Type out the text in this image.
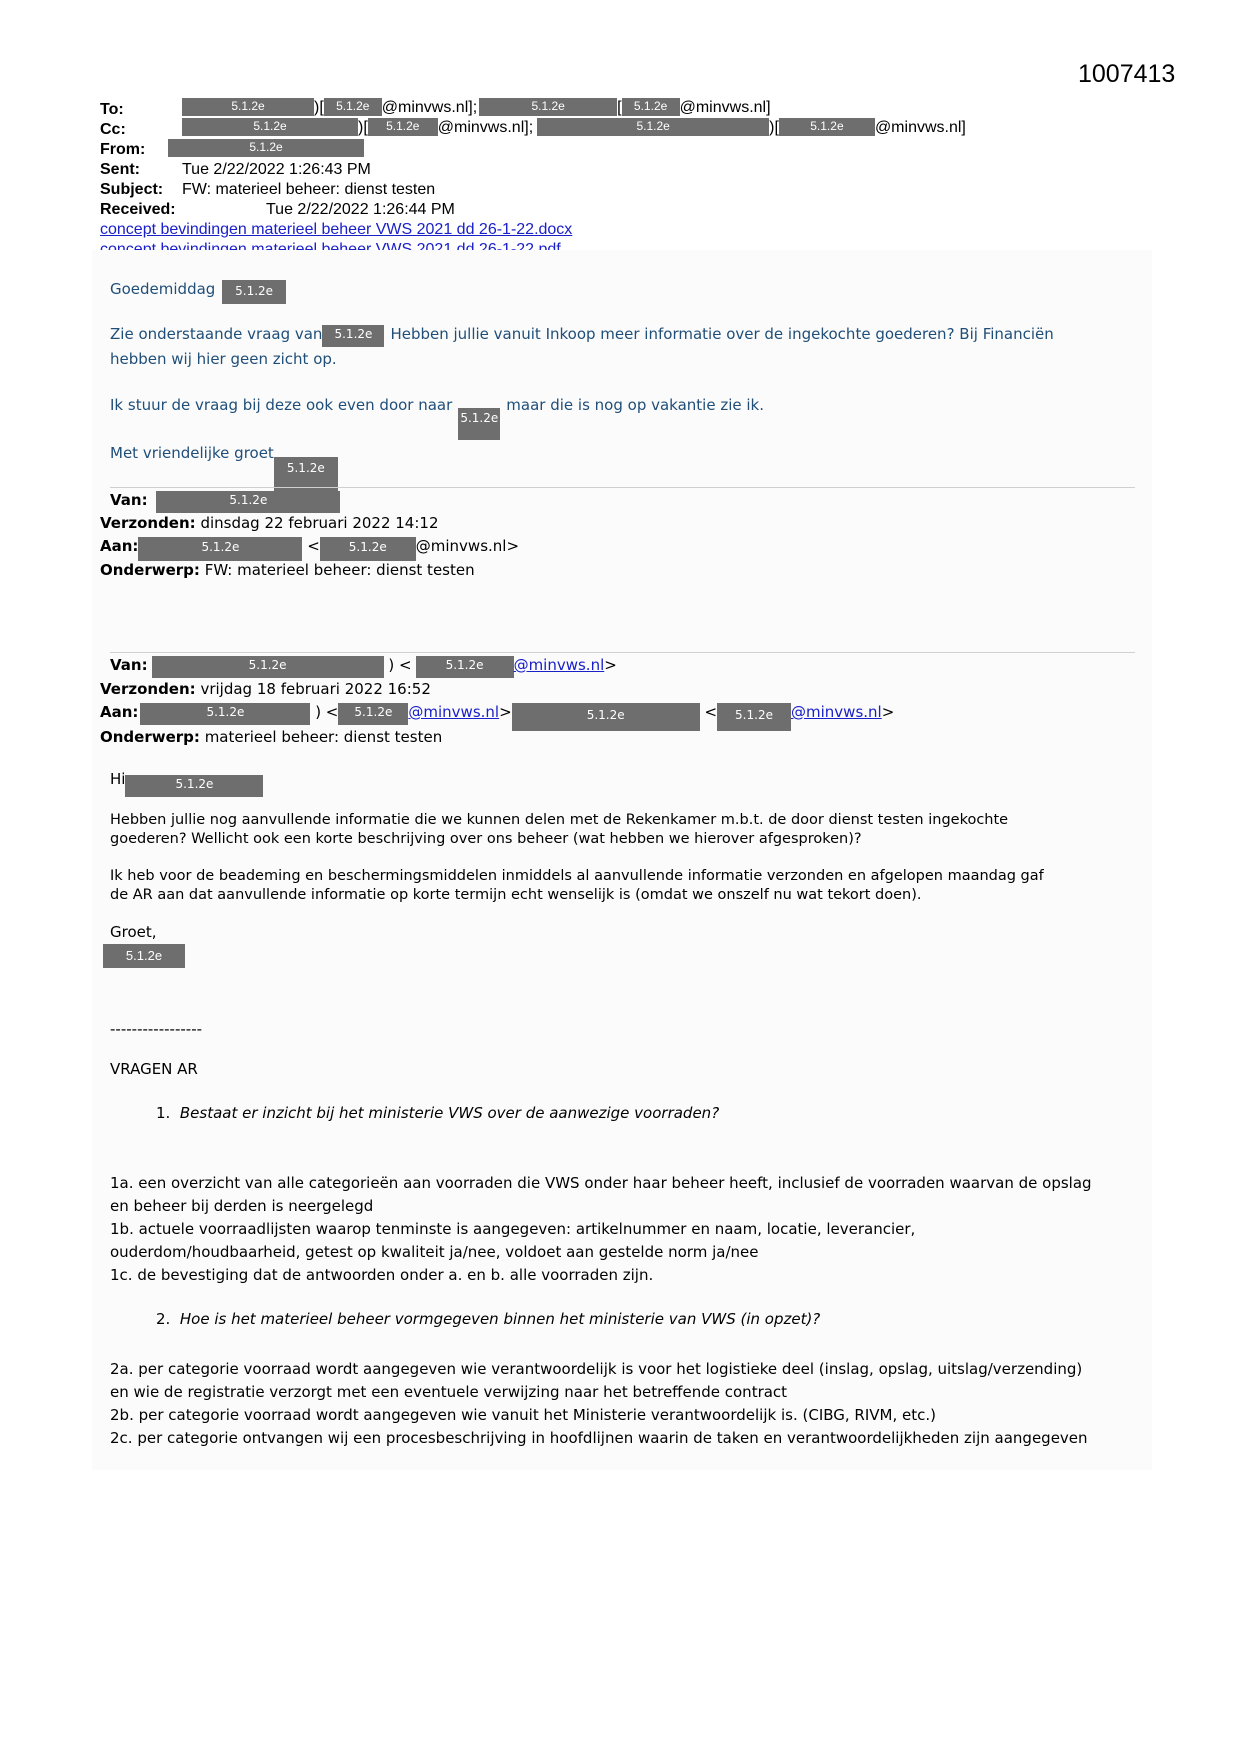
1007413
To:	5.1.2e	)[ 5.1.2e @minvws.nl];	5.1.2e	[ 5.1.2e @minvws.nl]
Cc:	5.1.2e	)[ 5.1.2e @minvws.nl];	5.1.2e	)[	5.1.2e @minvws.nl]
From:	5.1.2e
Sent:	Tue 2/22/2022 1:26:43 PM
Subject: FW: materieel beheer: dienst testen
Received:	Tue 2/22/2022 1:26:44 PM
concept bevindingen materieel beheer VWS 2021 dd 26-1-22.docx
Goedemiddag 5.1.2e
Zie onderstaande vraag van 5.1.2e Hebben jullie vanuit Inkoop meer informatie over de ingekochte goederen? Bij Financiën
hebben wij hier geen zicht op.
Ik stuur de vraag bij deze ook even door naar5.1.2emaar die is nog op vakantie zie ik.
Met vriendelijke groet5.1.2e
Van:	5.1.2e
Verzonden: dinsdag 22 februari 2022 14:12
Aan:	5.1.2e	< 5.1.2e @minvws.nl>
Onderwerp: FW: materieel beheer: dienst testen
Van:	5.1.2e	) <	5.1.2e @minvws.nl>
Verzonden: vrijdag 18 februari 2022 16:52
Aan:	5.1.2e	) < 5.1.2e @minvws.nl>	5.1.2e	< 5.1.2e @minvws.nl>
Onderwerp: materieel beheer: dienst testen
Hi	5.1.2e
Hebben jullie nog aanvullende informatie die we kunnen delen met de Rekenkamer m.b.t. de door dienst testen ingekochte
goederen? Wellicht ook een korte beschrijving over ons beheer (wat hebben we hierover afgesproken)?
Ik heb voor de beademing en beschermingsmiddelen inmiddels al aanvullende informatie verzonden en afgelopen maandag gaf
de AR aan dat aanvullende informatie op korte termijn echt wenselijk is (omdat we onszelf nu wat tekort doen).
Groet,
5.1.2e
-----------------
VRAGEN AR
1. Bestaat er inzicht bij het ministerie VWS over de aanwezige voorraden?
1a. een overzicht van alle categorieën aan voorraden die VWS onder haar beheer heeft, inclusief de voorraden waarvan de opslag
en beheer bij derden is neergelegd
1b. actuele voorraadlijsten waarop tenminste is aangegeven: artikelnummer en naam, locatie, leverancier,
ouderdom/houdbaarheid, getest op kwaliteit ja/nee, voldoet aan gestelde norm ja/nee
1c. de bevestiging dat de antwoorden onder a. en b. alle voorraden zijn.
2. Hoe is het materieel beheer vormgegeven binnen het ministerie van VWS (in opzet)?
2a. per categorie voorraad wordt aangegeven wie verantwoordelijk is voor het logistieke deel (inslag, opslag, uitslag/verzending)
en wie de registratie verzorgt met een eventuele verwijzing naar het betreffende contract
2b. per categorie voorraad wordt aangegeven wie vanuit het Ministerie verantwoordelijk is. (CIBG, RIVM, etc.)
2c. per categorie ontvangen wij een procesbeschrijving in hoofdlijnen waarin de taken en verantwoordelijkheden zijn aangegeven
